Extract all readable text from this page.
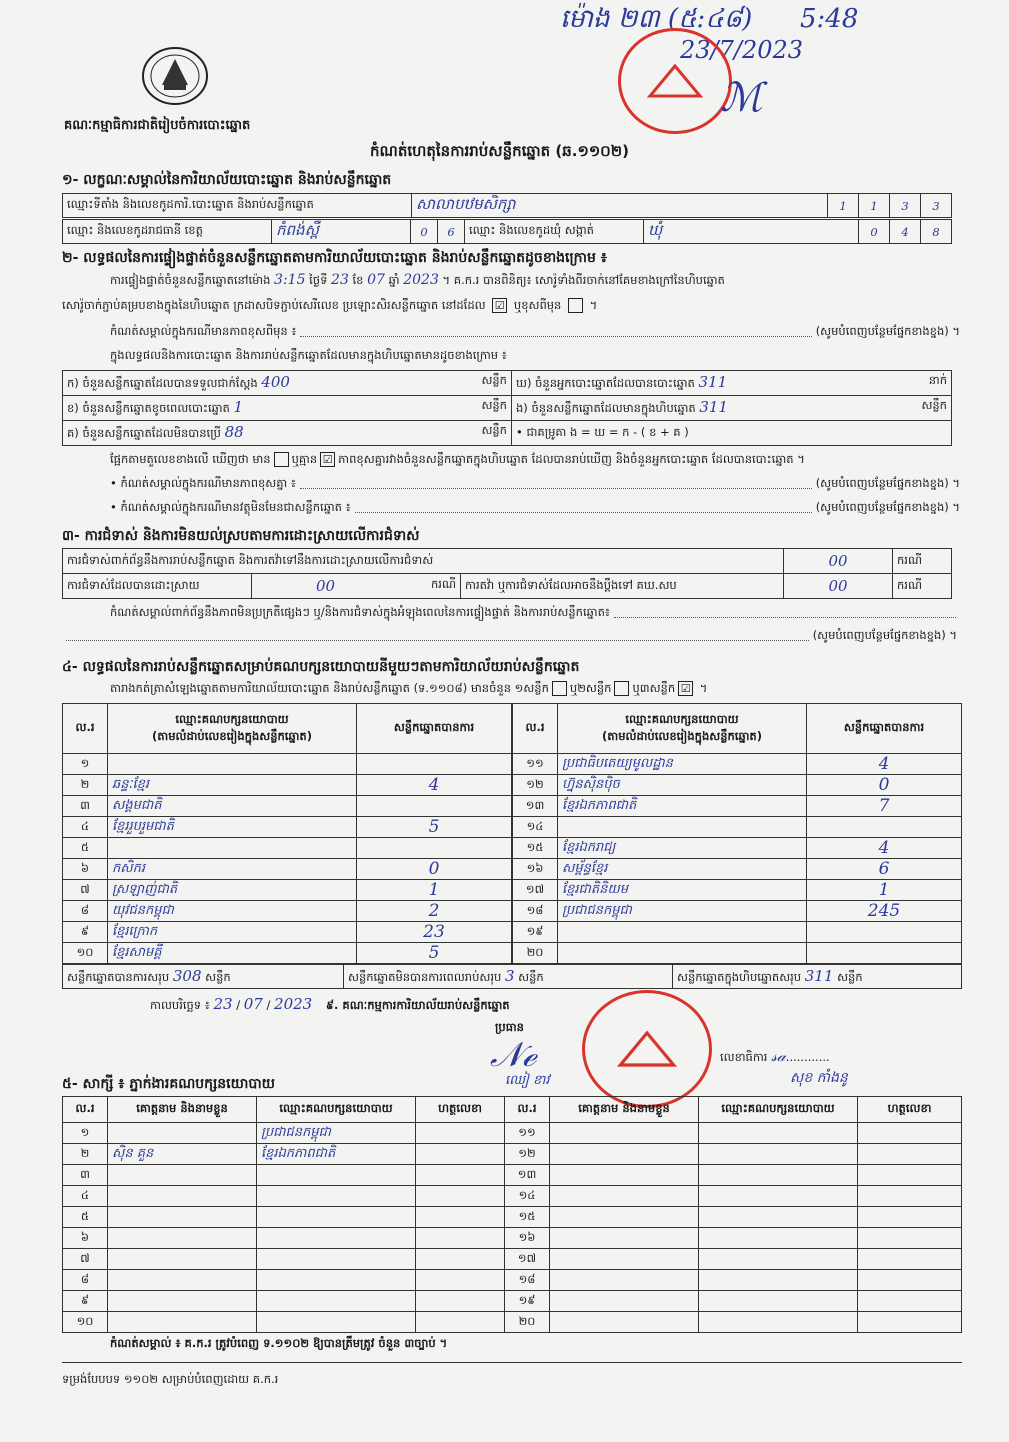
ម៉ោង ២៣ (៥:៤៨) 5:48
23/7/2023
ℳ
គណៈកម្មាធិការជាតិរៀបចំការបោះឆ្នោត
កំណត់ហេតុនៃការរាប់សន្លឹកឆ្នោត (ឆ.១១០២)
១- លក្ខណៈសម្គាល់នៃការិយាល័យបោះឆ្នោត និងរាប់សន្លឹកឆ្នោត
ឈ្មោះទីតាំង និងលេខកូដការិ.បោះឆ្នោត និងរាប់សន្លឹកឆ្នោត	សាលាបឋមសិក្សា	1	1	3	3
ឈ្មោះ និងលេខកូដរាជធានី ខេត្ត	កំពង់ស្ពឺ	0	6	ឈ្មោះ និងលេខកូដឃុំ សង្កាត់	ឃុំ	0	4	8
២- លទ្ធផលនៃការផ្ទៀងផ្ទាត់ចំនួនសន្លឹកឆ្នោតតាមការិយាល័យបោះឆ្នោត និងរាប់សន្លឹកឆ្នោតដូចខាងក្រោម ៖
ការផ្ទៀងផ្ទាត់ចំនួនសន្លឹកឆ្នោតនៅម៉ោង 3:15 ថ្ងៃទី 23 ខែ 07 ឆ្នាំ 2023 ។ គ.ក.រ បានពិនិត្យ៖ សោរ៉ូទាំងពីរចាក់នៅគែមខាងក្រៅនៃហិបឆ្នោត
សោរ៉ូចាក់ភ្ជាប់គម្របខាងក្នុងនៃហិបឆ្នោត ក្រដាសបិទភ្ជាប់សេរីលេខ ប្រឡោះសិរសន្លឹកឆ្នោត នៅដដែល ☑ ឬខុសពីមុន  ។
កំណត់សម្គាល់ក្នុងករណីមានភាពខុសពីមុន ៖	(សូមបំពេញបន្ថែមផ្នែកខាងខ្នង) ។
ក្នុងលទ្ធផលនិងការបោះឆ្នោត និងការរាប់សន្លឹកឆ្នោតដែលមានក្នុងហិបឆ្នោតមានដូចខាងក្រោម ៖
ក) ចំនួនសន្លឹកឆ្នោតដែលបានទទួលជាក់ស្តែង 400 សន្លឹក	ឃ) ចំនួនអ្នកបោះឆ្នោតដែលបានបោះឆ្នោត 311 នាក់

ខ) ចំនួនសន្លឹកឆ្នោតខូចពេលបោះឆ្នោត 1 សន្លឹក	ង) ចំនួនសន្លឹកឆ្នោតដែលមានក្នុងហិបឆ្នោត 311 សន្លឹក

គ) ចំនួនសន្លឹកឆ្នោតដែលមិនបានប្រើ 88 សន្លឹក	• ជាគម្រូគា ង = ឃ = ក - ( ខ + គ )
ផ្អែកតាមតួលេខខាងលើ ឃើញថា មាន ឬគ្មាន ☑ ភាពខុសគ្នារវាងចំនួនសន្លឹកឆ្នោតក្នុងហិបឆ្នោត ដែលបានរាប់ឃើញ និងចំនួនអ្នកបោះឆ្នោត ដែលបានបោះឆ្នោត ។
• កំណត់សម្គាល់ក្នុងករណីមានភាពខុសគ្នា ៖	(សូមបំពេញបន្ថែមផ្នែកខាងខ្នង) ។
• កំណត់សម្គាល់ក្នុងករណីមានវត្ថុមិនមែនជាសន្លឹកឆ្នោត ៖	(សូមបំពេញបន្ថែមផ្នែកខាងខ្នង) ។
៣- ការជំទាស់ និងការមិនយល់ស្របតាមការដោះស្រាយលើការជំទាស់
ការជំទាស់ពាក់ព័ន្ធនឹងការរាប់សន្លឹកឆ្នោត និងការតវ៉ាទៅនឹងការដោះស្រាយលើការជំទាស់			00	ករណី
ការជំទាស់ដែលបានដោះស្រាយ	00 ករណី	ការតវ៉ា ឬការជំទាស់ដែលអាចនឹងប្តឹងទៅ គឃ.សប	00	ករណី
កំណត់សម្គាល់ពាក់ព័ន្ធនឹងភាពមិនប្រក្រតីផ្សេងៗ ឬ/និងការជំទាស់ក្នុងអំឡុងពេលនៃការផ្ទៀងផ្ទាត់ និងការរាប់សន្លឹកឆ្នោត៖
(សូមបំពេញបន្ថែមផ្នែកខាងខ្នង) ។
៤- លទ្ធផលនៃការរាប់សន្លឹកឆ្នោតសម្រាប់គណបក្សនយោបាយនីមួយៗតាមការិយាល័យរាប់សន្លឹកឆ្នោត
តារាងកត់ត្រាសំឡេងឆ្នោតតាមការិយាល័យបោះឆ្នោត និងរាប់សន្លឹកឆ្នោត (ទ.១១០៨) មានចំនួន ១សន្លឹក ឬ២សន្លឹក ឬ៣សន្លឹក ☑ ។
ល.រ	ឈ្មោះគណបក្សនយោបាយ
(តាមលំដាប់លេខរៀងក្នុងសន្លឹកឆ្នោត)	សន្លឹកឆ្នោតបានការ
១		
២	ឆន្ទៈខ្មែរ	4
៣	សង្គមជាតិ	
៤	ខ្មែររួបរួមជាតិ	5
៥		
៦	កសិករ	0
៧	ស្រឡាញ់ជាតិ	1
៨	យុវជនកម្ពុជា	2
៩	ខ្មែរក្រោក	23
១០	ខ្មែរសាមគ្គី	5
ល.រ	ឈ្មោះគណបក្សនយោបាយ
(តាមលំដាប់លេខរៀងក្នុងសន្លឹកឆ្នោត)	សន្លឹកឆ្នោតបានការ
១១	ប្រជាធិបតេយ្យមូលដ្ឋាន	4
១២	ហ្វ៊ុនស៊ិនប៉ិច	0
១៣	ខ្មែរឯកភាពជាតិ	7
១៤		
១៥	ខ្មែរឯករាជ្យ	4
១៦	សម្ព័ន្ធខ្មែរ	6
១៧	ខ្មែរជាតិនិយម	1
១៨	ប្រជាជនកម្ពុជា	245
១៩		
២០		
សន្លឹកឆ្នោតបានការសរុប 308 សន្លឹក	សន្លឹកឆ្នោតមិនបានការពេលរាប់សរុប 3 សន្លឹក	សន្លឹកឆ្នោតក្នុងហិបឆ្នោតសរុប 311 សន្លឹក
កាលបរិច្ឆេទ ៖ 23 / 07 / 2023 ៩. គណៈកម្មការការិយាល័យរាប់សន្លឹកឆ្នោត
ប្រធាន
𝒩ℯ
ឈៀ ខាវ
លេខាធិការ 𝓈𝒶............
សុខ កាំងនូ
៥- សាក្សី ៖ ភ្នាក់ងារគណបក្សនយោបាយ
ល.រ	គោត្តនាម និងនាមខ្លួន	ឈ្មោះគណបក្សនយោបាយ	ហត្ថលេខា	ល.រ	គោត្តនាម និងនាមខ្លួន	ឈ្មោះគណបក្សនយោបាយ	ហត្ថលេខា
១		ប្រជាជនកម្ពុជា		១១			
២	ស៊ិន គួន	ខ្មែរឯកភាពជាតិ		១២			
៣				១៣			
៤				១៤			
៥				១៥			
៦				១៦			
៧				១៧			
៨				១៨			
៩				១៩			
១០				២០			
កំណត់សម្គាល់ ៖ គ.ក.រ ត្រូវបំពេញ ទ.១១០២ ឱ្យបានត្រឹមត្រូវ ចំនួន ៣ច្បាប់ ។
ទម្រង់បែបបទ ១១០២ សម្រាប់បំពេញដោយ គ.ក.រ
